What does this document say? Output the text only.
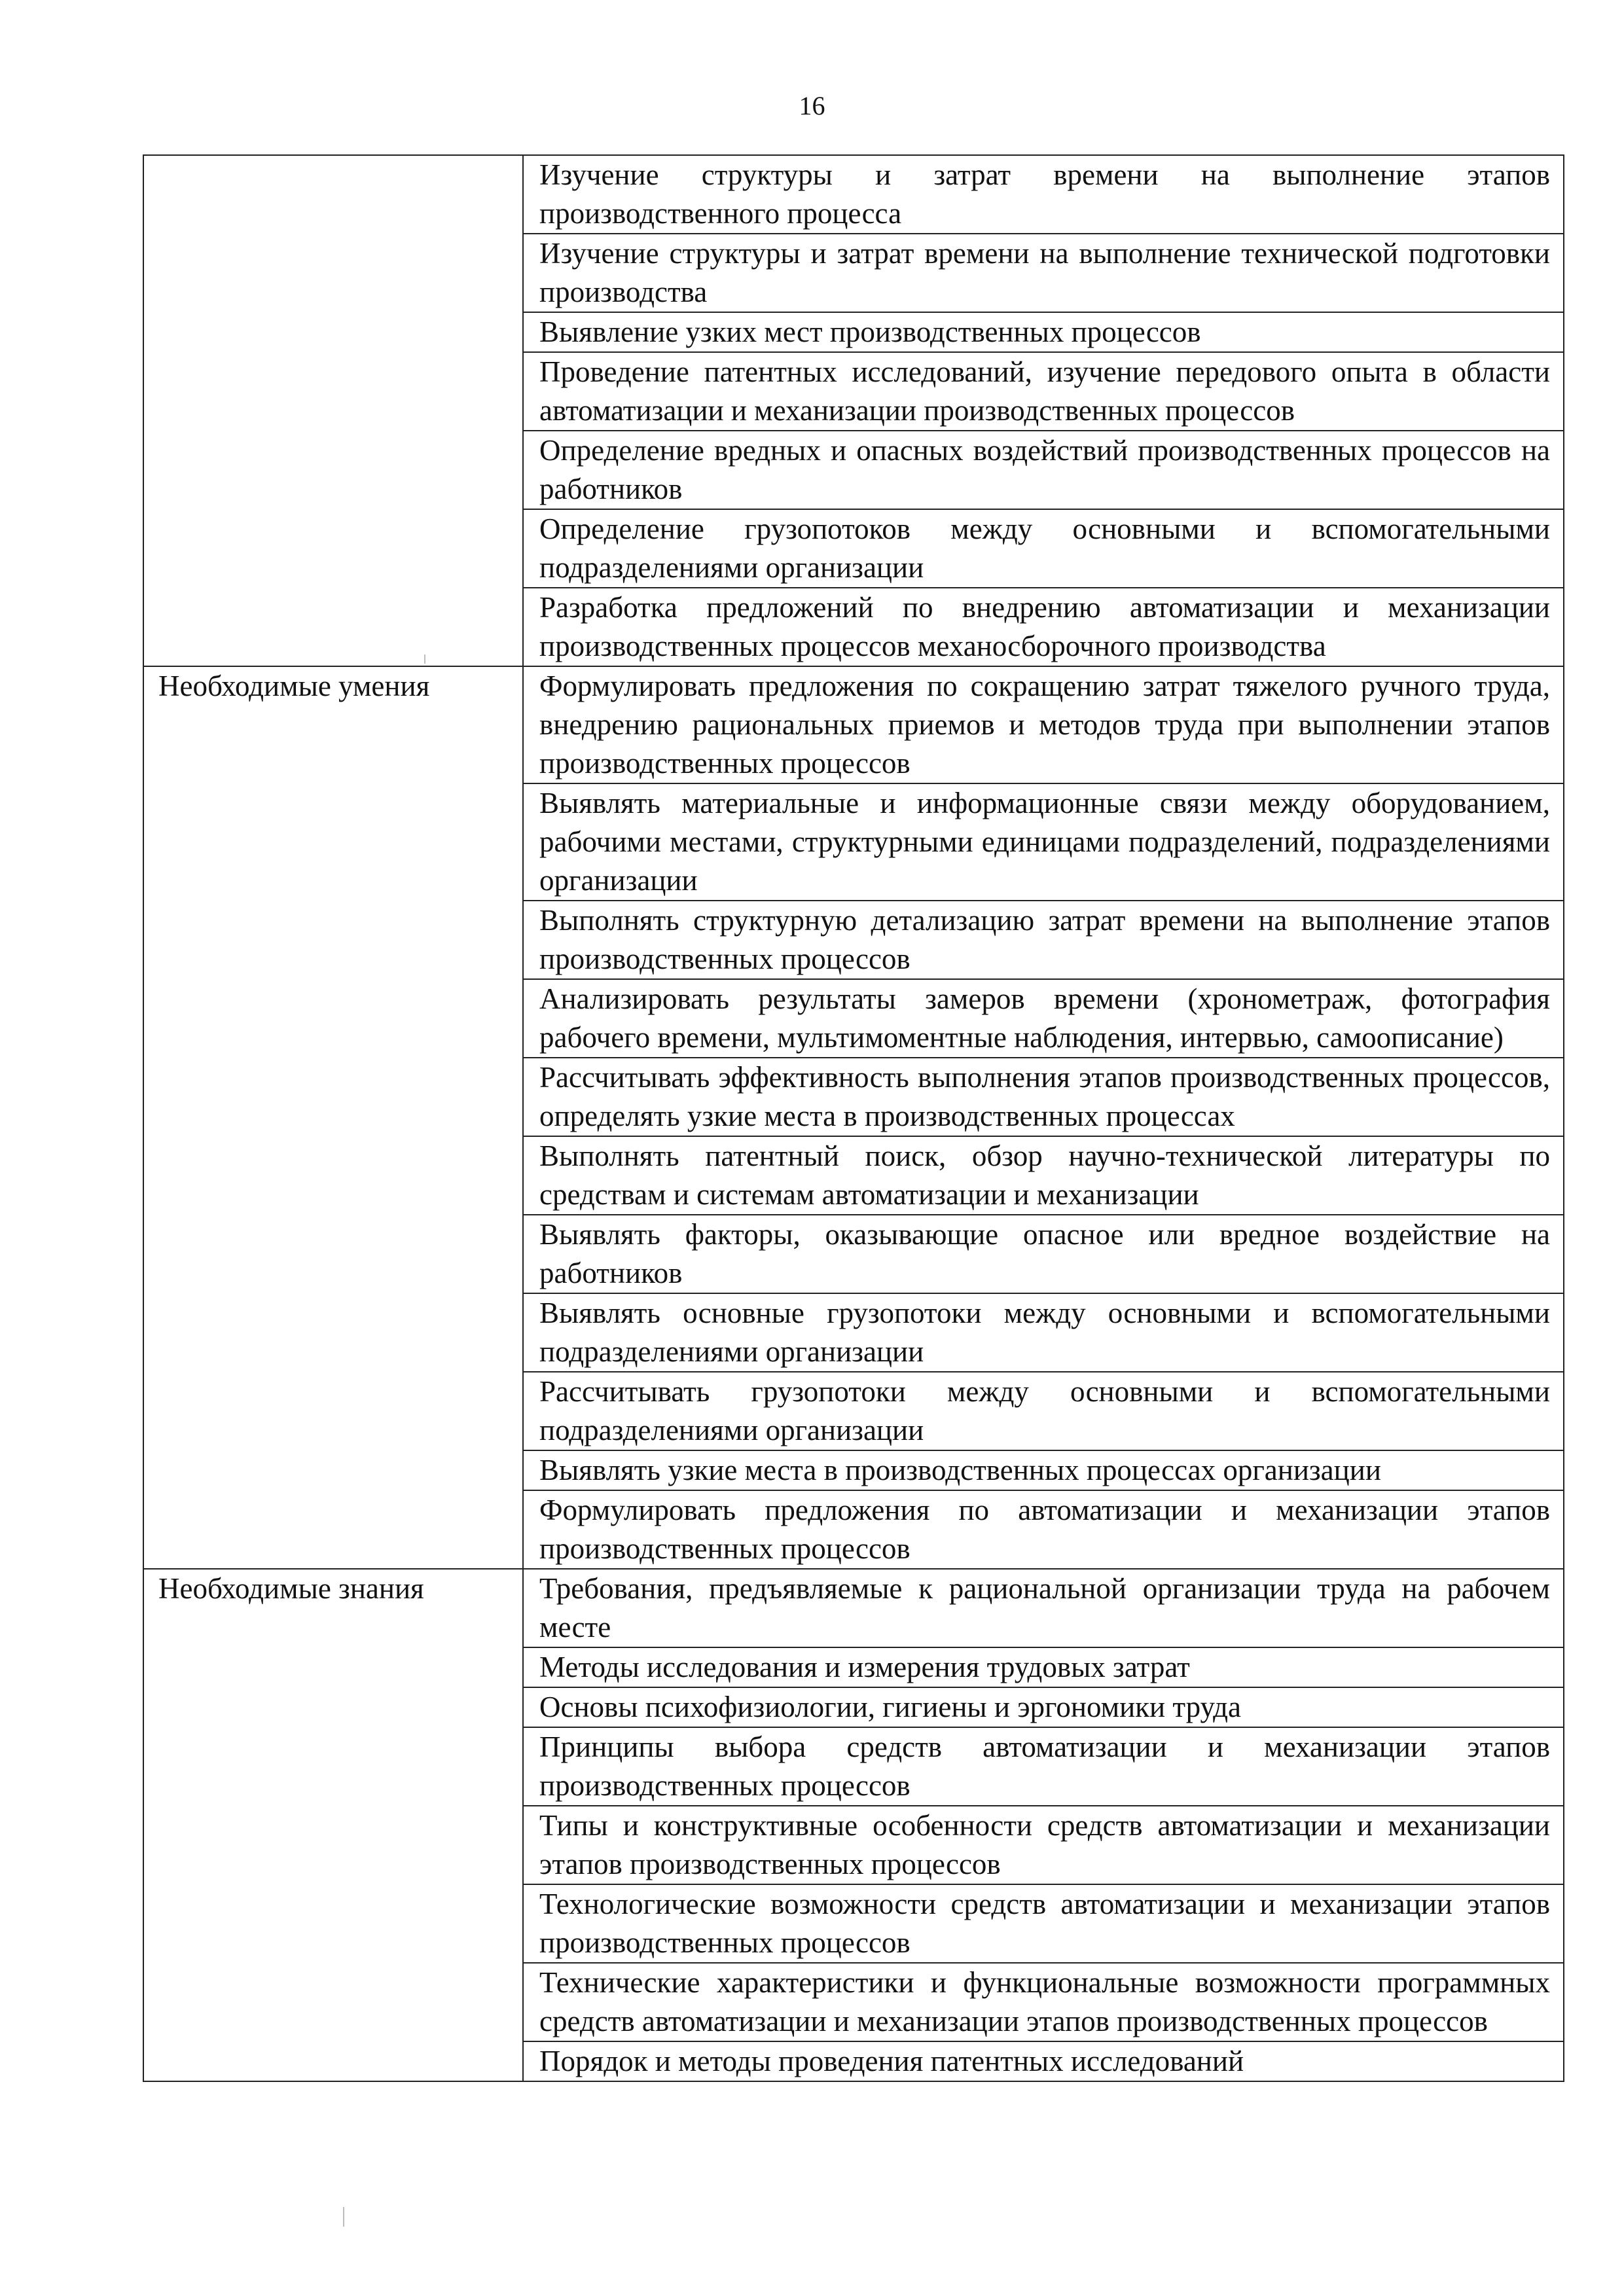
16
	Изучение структуры и затрат времени на выполнение этапов производственного процесса
	Изучение структуры и затрат времени на выполнение технической подготовки производства
	Выявление узких мест производственных процессов
	Проведение патентных исследований, изучение передового опыта в области автоматизации и механизации производственных процессов
	Определение вредных и опасных воздействий производственных процессов на работников
	Определение грузопотоков между основными и вспомогательными подразделениями организации
	Разработка предложений по внедрению автоматизации и механизации производственных процессов механосборочного производства
Необходимые умения	Формулировать предложения по сокращению затрат тяжелого ручного труда, внедрению рациональных приемов и методов труда при выполнении этапов производственных процессов
	Выявлять материальные и информационные связи между оборудованием, рабочими местами, структурными единицами подразделений, подразделениями организации
	Выполнять структурную детализацию затрат времени на выполнение этапов производственных процессов
	Анализировать результаты замеров времени (хронометраж, фотография рабочего времени, мультимоментные наблюдения, интервью, самоописание)
	Рассчитывать эффективность выполнения этапов производственных процессов, определять узкие места в производственных процессах
	Выполнять патентный поиск, обзор научно-технической литературы по средствам и системам автоматизации и механизации
	Выявлять факторы, оказывающие опасное или вредное воздействие на работников
	Выявлять основные грузопотоки между основными и вспомогательными подразделениями организации
	Рассчитывать грузопотоки между основными и вспомогательными подразделениями организации
	Выявлять узкие места в производственных процессах организации
	Формулировать предложения по автоматизации и механизации этапов производственных процессов
Необходимые знания	Требования, предъявляемые к рациональной организации труда на рабочем месте
	Методы исследования и измерения трудовых затрат
	Основы психофизиологии, гигиены и эргономики труда
	Принципы выбора средств автоматизации и механизации этапов производственных процессов
	Типы и конструктивные особенности средств автоматизации и механизации этапов производственных процессов
	Технологические возможности средств автоматизации и механизации этапов производственных процессов
	Технические характеристики и функциональные возможности программных средств автоматизации и механизации этапов производственных процессов
	Порядок и методы проведения патентных исследований
